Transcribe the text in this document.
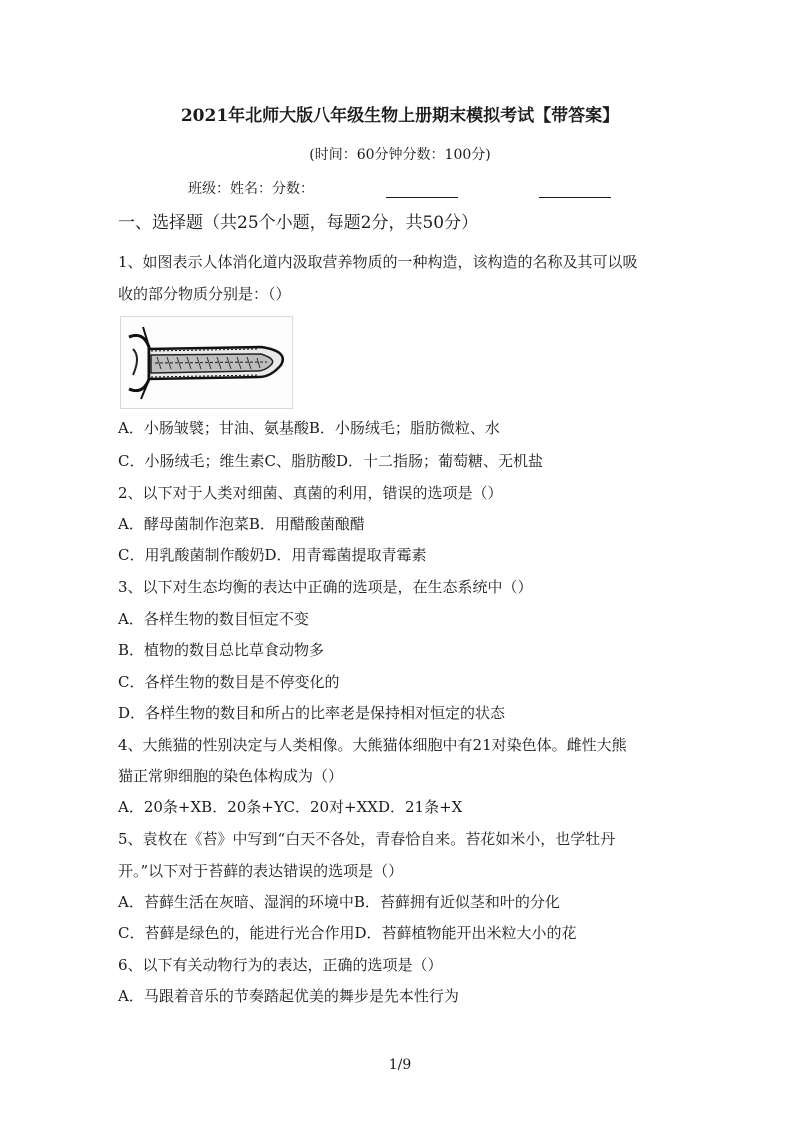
2021年北师大版八年级生物上册期末模拟考试【带答案】
(时间：60分钟分数：100分)
班级：姓名：分数：
一、选择题（共25个小题，每题2分，共50分）
1、如图表示人体消化道内汲取营养物质的一种构造，该构造的名称及其可以吸
收的部分物质分别是：（）
A．小肠皱襞；甘油、氨基酸B．小肠绒毛；脂肪微粒、水
C．小肠绒毛；维生素C、脂肪酸D．十二指肠；葡萄糖、无机盐
2、以下对于人类对细菌、真菌的利用，错误的选项是（）
A．酵母菌制作泡菜B．用醋酸菌酿醋
C．用乳酸菌制作酸奶D．用青霉菌提取青霉素
3、以下对生态均衡的表达中正确的选项是，在生态系统中（）
A．各样生物的数目恒定不变
B．植物的数目总比草食动物多
C．各样生物的数目是不停变化的
D．各样生物的数目和所占的比率老是保持相对恒定的状态
4、大熊猫的性别决定与人类相像。大熊猫体细胞中有21对染色体。雌性大熊
猫正常卵细胞的染色体构成为（）
A．20条+XB．20条+YC．20对+XXD．21条+X
5、袁枚在《苔》中写到“白天不各处，青春恰自来。苔花如米小，也学牡丹
开。”以下对于苔藓的表达错误的选项是（）
A．苔藓生活在灰暗、湿润的环境中B．苔藓拥有近似茎和叶的分化
C．苔藓是绿色的，能进行光合作用D．苔藓植物能开出米粒大小的花
6、以下有关动物行为的表达，正确的选项是（）
A．马跟着音乐的节奏踏起优美的舞步是先本性行为
1/9
